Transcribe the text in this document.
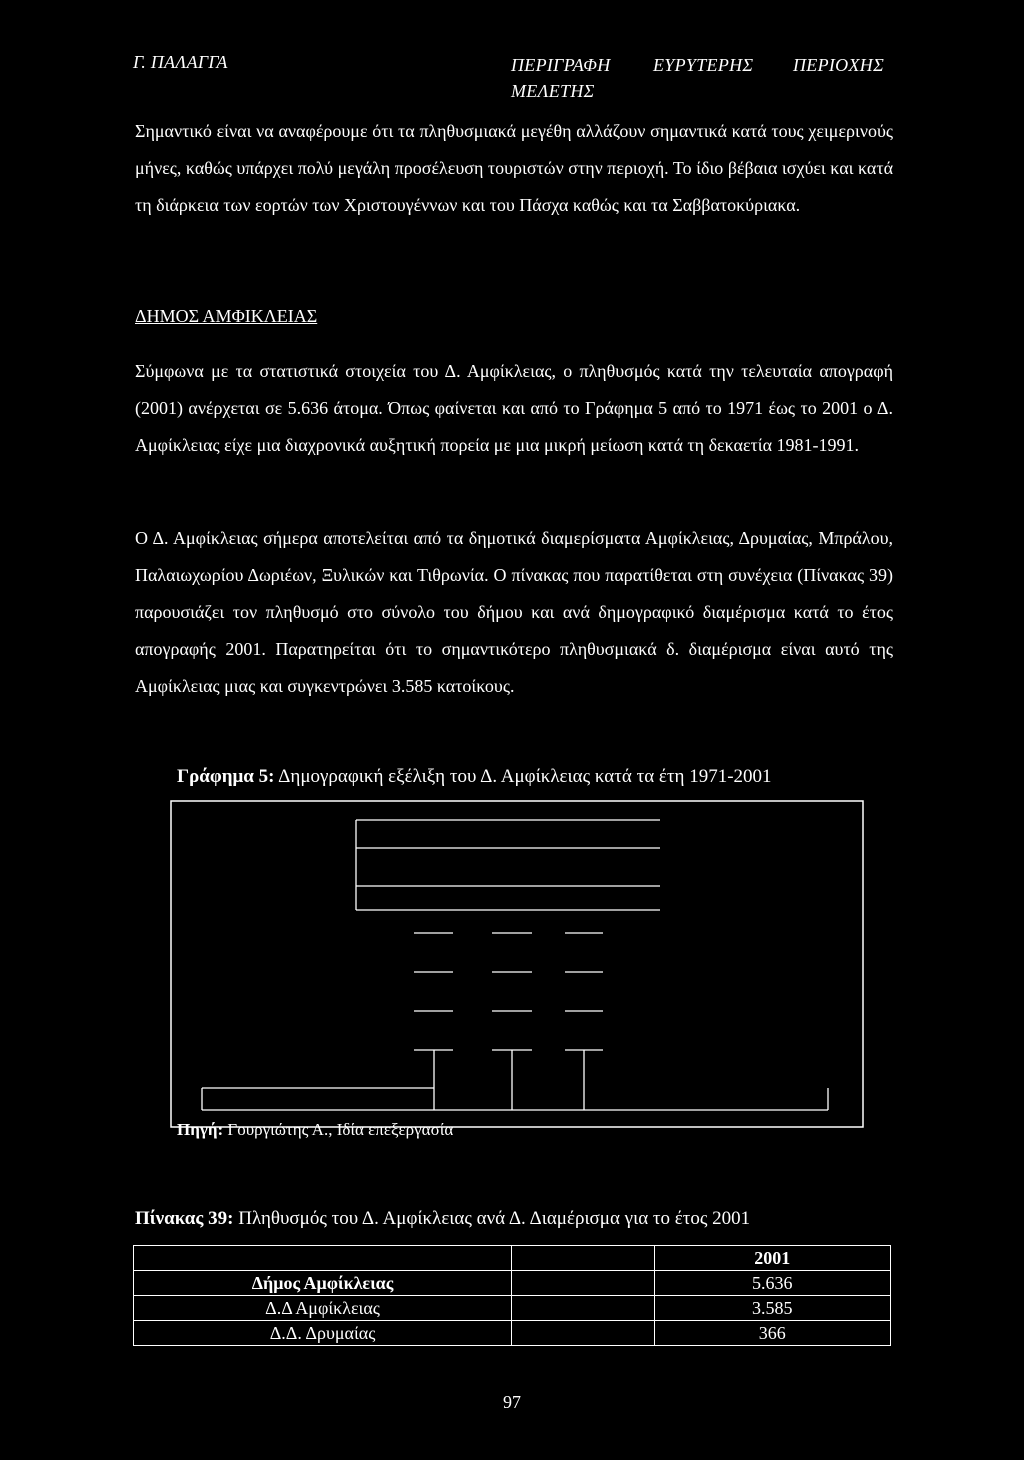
Γ. ΠΑΛΑΓΓΑ	ΠΕΡΙΓΡΑΦΗ ΕΥΡΥΤΕΡΗΣ ΠΕΡΙΟΧΗΣ
ΜΕΛΕΤΗΣ
Σημαντικό είναι να αναφέρουμε ότι τα πληθυσμιακά μεγέθη αλλάζουν σημαντικά κατά τους χειμερινούς μήνες, καθώς υπάρχει πολύ μεγάλη προσέλευση τουριστών στην περιοχή. Το ίδιο βέβαια ισχύει και κατά τη διάρκεια των εορτών των Χριστουγέννων και του Πάσχα καθώς και τα Σαββατοκύριακα.
ΔΗΜΟΣ ΑΜΦΙΚΛΕΙΑΣ
Σύμφωνα με τα στατιστικά στοιχεία του Δ. Αμφίκλειας, ο πληθυσμός κατά την τελευταία απογραφή (2001) ανέρχεται σε 5.636 άτομα. Όπως φαίνεται και από το Γράφημα 5 από το 1971 έως το 2001 ο Δ. Αμφίκλειας είχε μια διαχρονικά αυξητική πορεία με μια μικρή μείωση κατά τη δεκαετία 1981-1991.
Ο Δ. Αμφίκλειας σήμερα αποτελείται από τα δημοτικά διαμερίσματα Αμφίκλειας, Δρυμαίας, Μπράλου, Παλαιωχωρίου Δωριέων, Ξυλικών και Τιθρωνία. Ο πίνακας που παρατίθεται στη συνέχεια (Πίνακας 39) παρουσιάζει τον πληθυσμό στο σύνολο του δήμου και ανά δημογραφικό διαμέρισμα κατά το έτος απογραφής 2001. Παρατηρείται ότι το σημαντικότερο πληθυσμιακά δ. διαμέρισμα είναι αυτό της Αμφίκλειας μιας και συγκεντρώνει 3.585 κατοίκους.
Γράφημα 5: Δημογραφική εξέλιξη του Δ. Αμφίκλειας κατά τα έτη 1971-2001
Πηγή: Γουργιώτης Α., Ιδία επεξεργασία
Πίνακας 39: Πληθυσμός του Δ. Αμφίκλειας ανά Δ. Διαμέρισμα για το έτος 2001
		2001
Δήμος Αμφίκλειας		5.636
Δ.Δ Αμφίκλειας		3.585
Δ.Δ. Δρυμαίας		366
97
